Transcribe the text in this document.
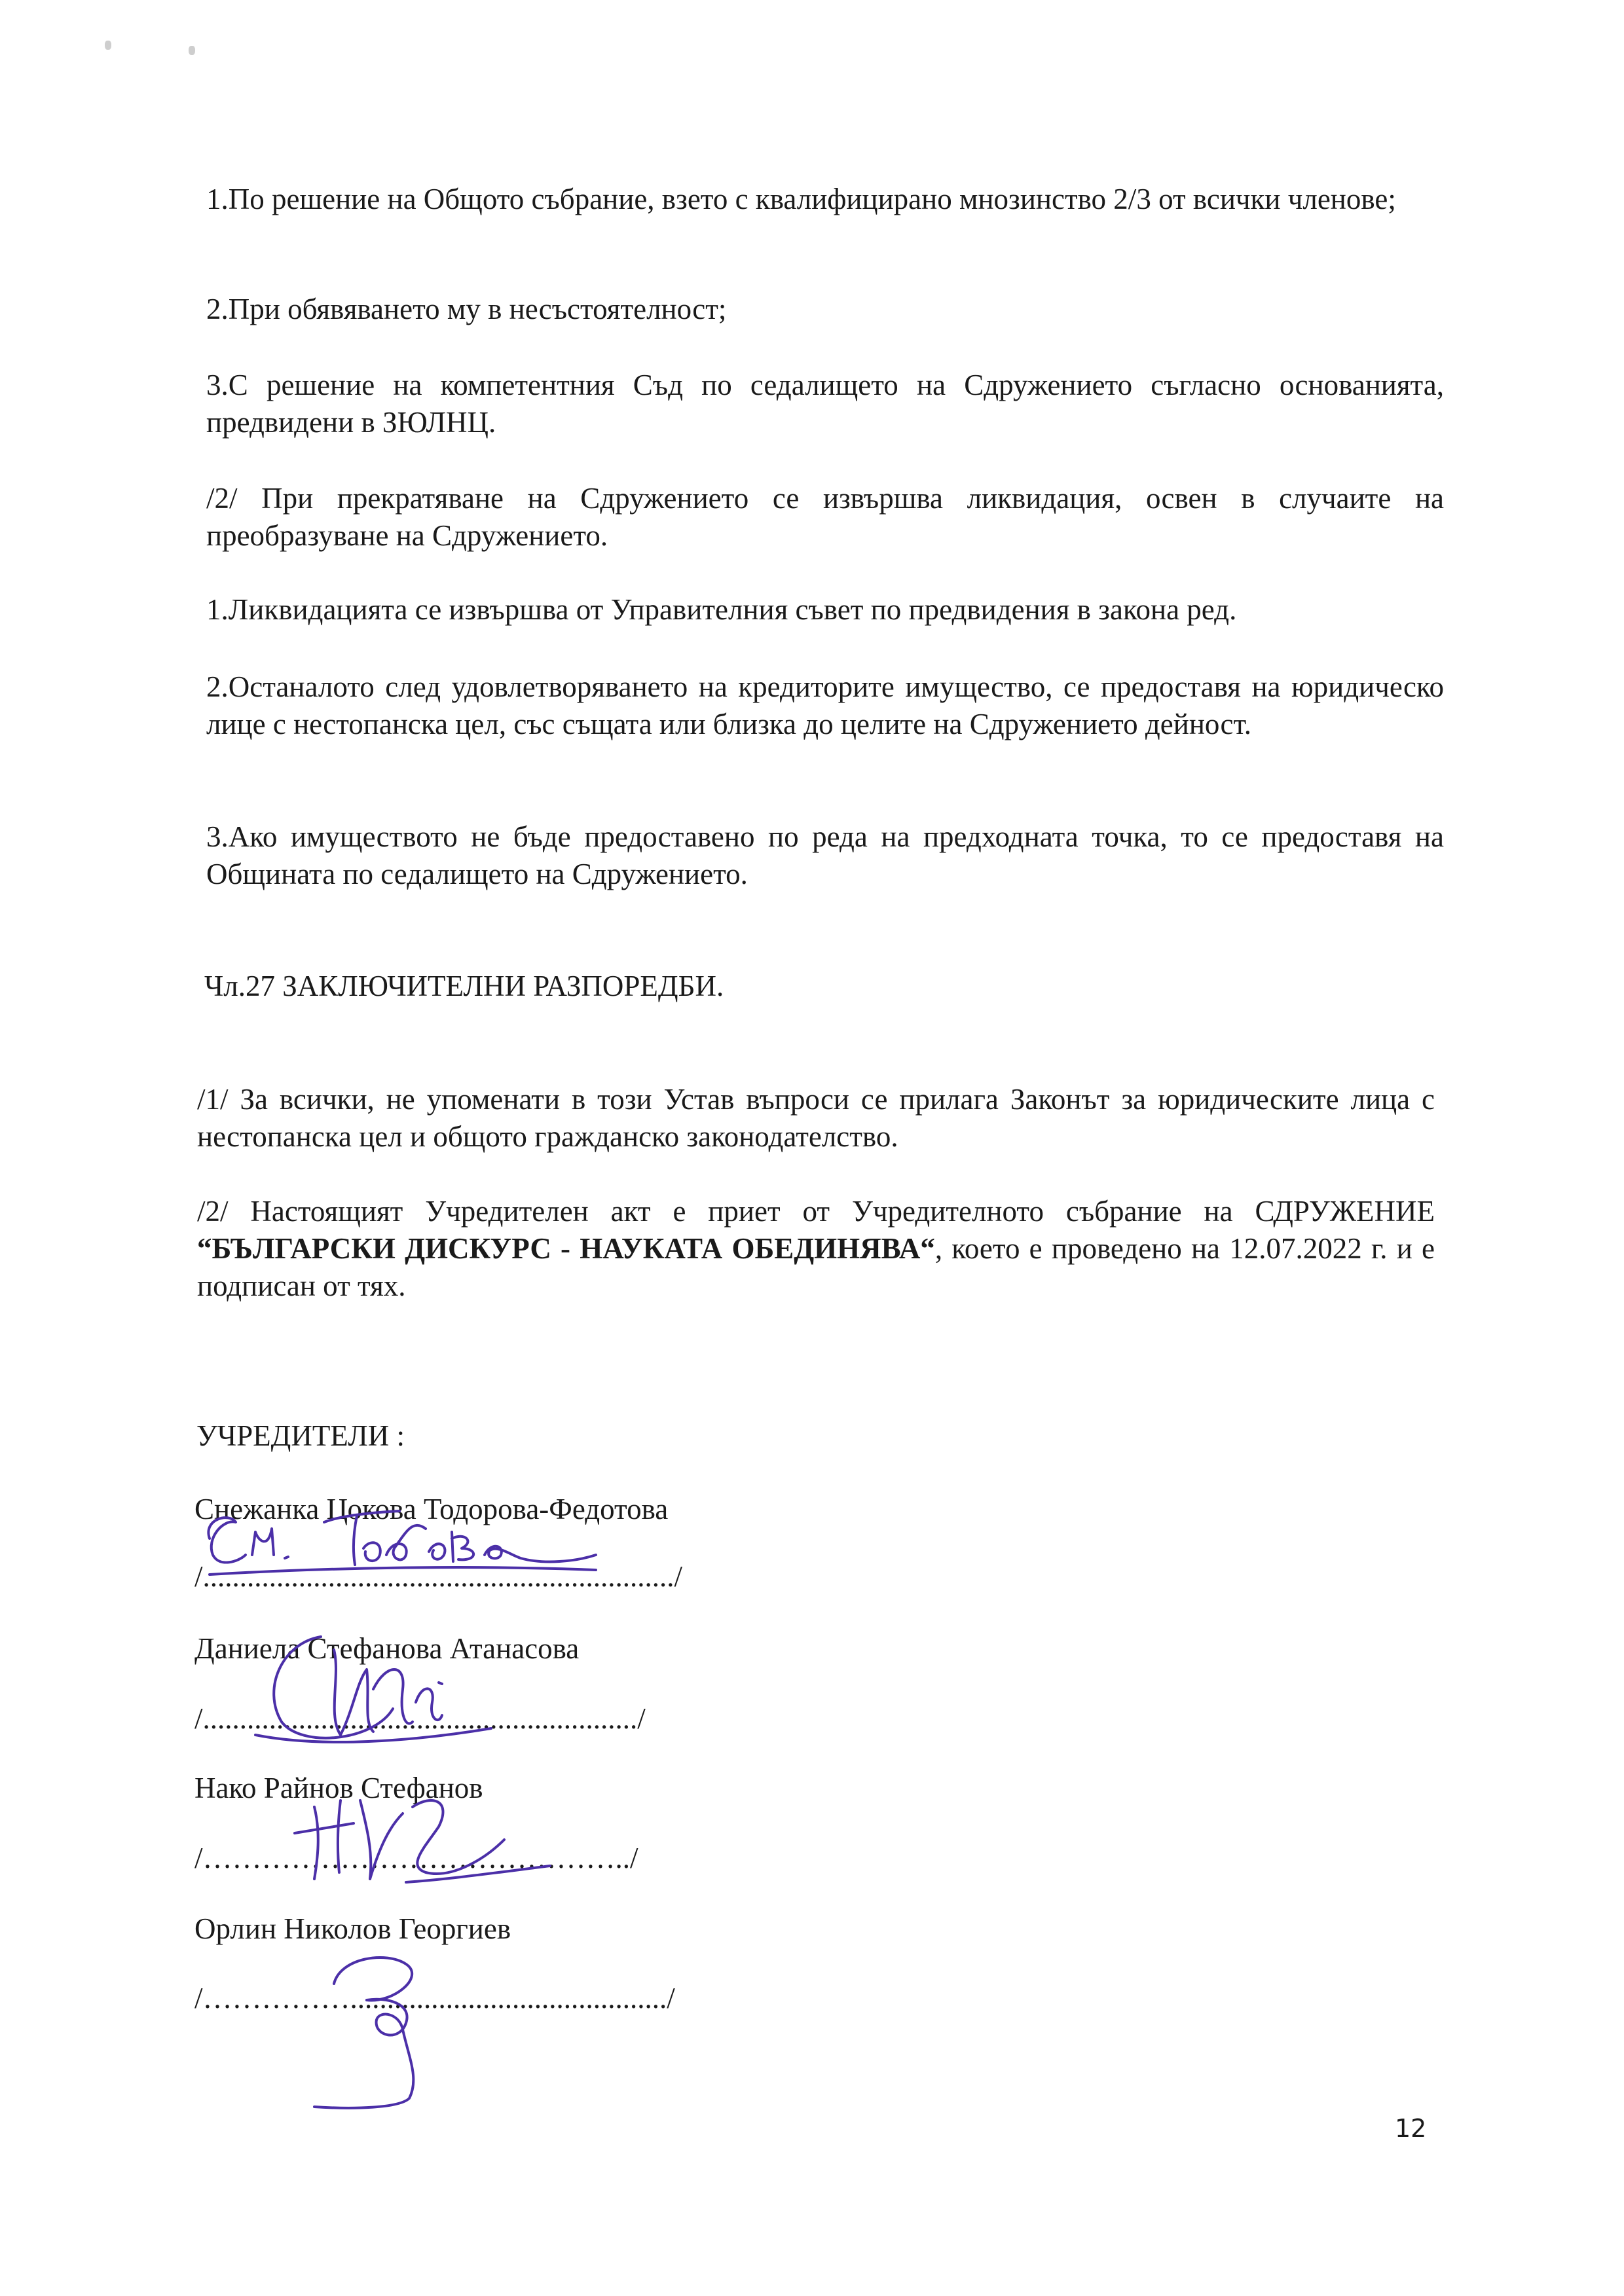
1.По решение на Общото събрание, взето с квалифицирано мнозинство 2/3 от всички членове;

2.При обявяването му в несъстоятелност;

3.С решение на компетентния Съд по седалището на Сдружението съгласно основанията, предвидени в ЗЮЛНЦ.

/2/ При прекратяване на Сдружението се извършва ликвидация, освен в случаите на преобразуване на Сдружението.

1.Ликвидацията се извършва от Управителния съвет по предвидения в закона ред.

2.Останалото след удовлетворяването на кредиторите имущество, се предоставя на юридическо лице с нестопанска цел, със същата или близка до целите на Сдружението дейност.

3.Ако имуществото не бъде предоставено по реда на предходната точка, то се предоставя на Общината по седалището на Сдружението.

Чл.27 ЗАКЛЮЧИТЕЛНИ РАЗПОРЕДБИ.

/1/ За всички, не упоменати в този Устав въпроси се прилага Законът за юридическите лица с нестопанска цел и общото гражданско законодателство.

/2/ Настоящият Учредителен акт е приет от Учредителното събрание на СДРУЖЕНИЕ “БЪЛГАРСКИ ДИСКУРС - НАУКАТА ОБЕДИНЯВА“, което е проведено на 12.07.2022 г. и е подписан от тях.

УЧРЕДИТЕЛИ :

Снежанка Цокова Тодорова-Федотова

/................................................................/

Даниела Стефанова Атанасова

/.........................................................../

Нако Райнов Стефанов

/……………………………………../

Орлин Николов Георгиев

/…………….........................................../

12
